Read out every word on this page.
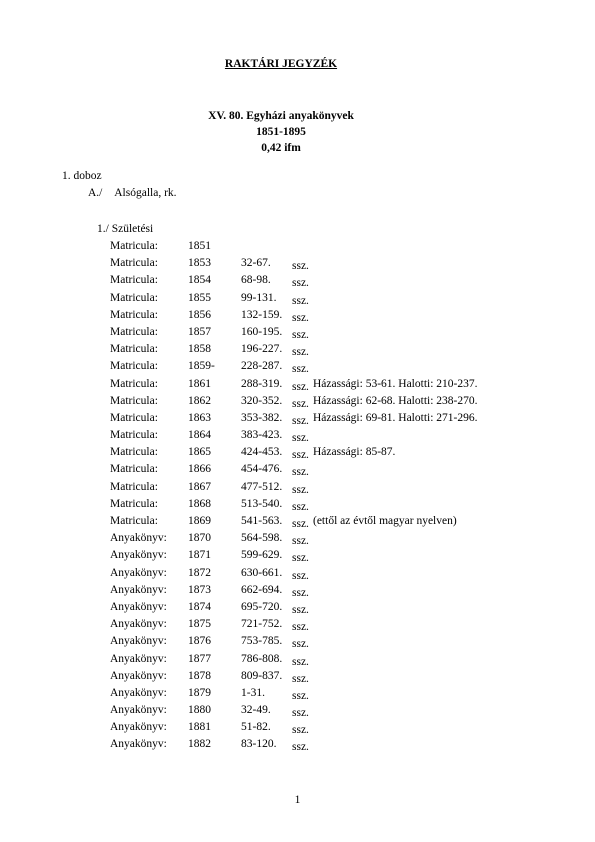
RAKTÁRI JEGYZÉK
XV. 80. Egyházi anyakönyvek
1851-1895
0,42 ifm
1. doboz
A./ Alsógalla, rk.
1./ Születési
Matricula:	1851
Matricula:	1853	32-67. ssz.
Matricula:	1854	68-98. ssz.
Matricula:	1855	99-131. ssz.
Matricula:	1856	132-159. ssz.
Matricula:	1857	160-195. ssz.
Matricula:	1858	196-227. ssz.
Matricula:	1859- 228-287. ssz.
Matricula:	1861	288-319. ssz. Házassági: 53-61. Halotti: 210-237.
Matricula:	1862	320-352. ssz. Házassági: 62-68. Halotti: 238-270.
Matricula:	1863	353-382. ssz. Házassági: 69-81. Halotti: 271-296.
Matricula:	1864	383-423. ssz.
Matricula:	1865	424-453. ssz. Házassági: 85-87.
Matricula:	1866	454-476. ssz.
Matricula:	1867	477-512. ssz.
Matricula:	1868	513-540. ssz.
Matricula:	1869	541-563. ssz. (ettől az évtől magyar nyelven)
Anyakönyv: 1870	564-598. ssz.
Anyakönyv: 1871	599-629. ssz.
Anyakönyv: 1872	630-661. ssz.
Anyakönyv: 1873	662-694. ssz.
Anyakönyv: 1874	695-720. ssz.
Anyakönyv: 1875	721-752. ssz.
Anyakönyv: 1876	753-785. ssz.
Anyakönyv: 1877	786-808. ssz.
Anyakönyv: 1878	809-837. ssz.
Anyakönyv: 1879	1-31. ssz.
Anyakönyv: 1880	32-49. ssz.
Anyakönyv: 1881	51-82. ssz.
Anyakönyv: 1882	83-120. ssz.
1
